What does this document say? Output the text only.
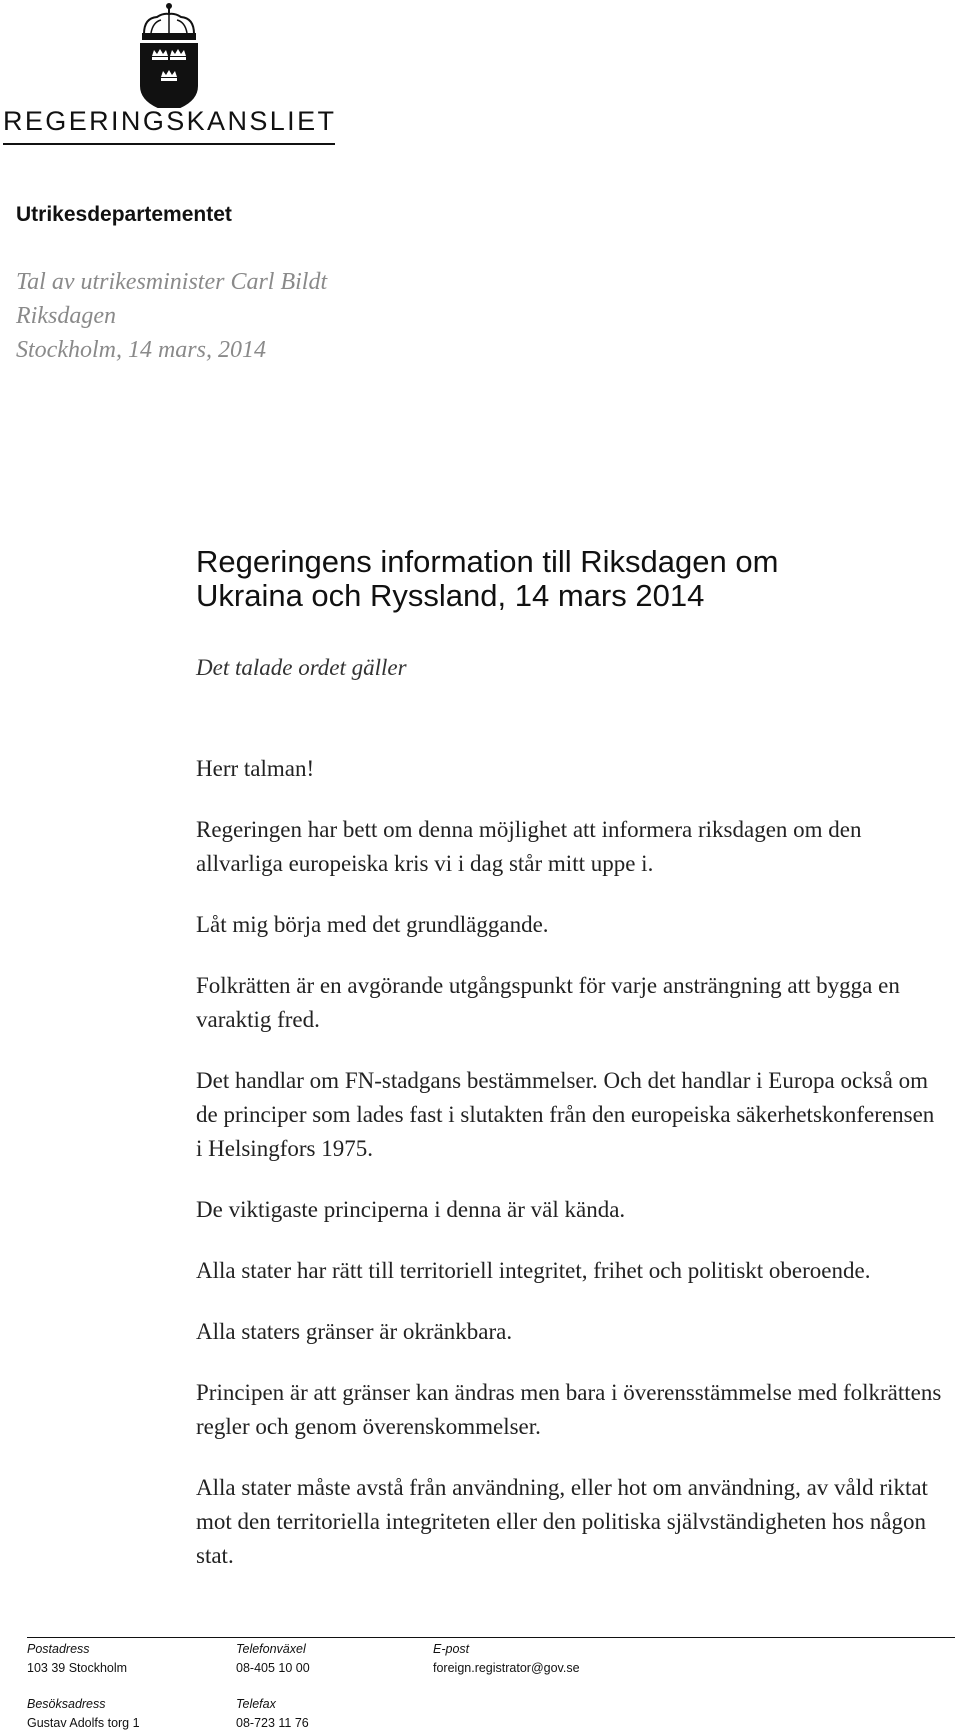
REGERINGSKANSLIET
Utrikesdepartementet
Tal av utrikesminister Carl Bildt
Riksdagen
Stockholm, 14 mars, 2014
Regeringens information till Riksdagen om
Ukraina och Ryssland, 14 mars 2014
Det talade ordet gäller

Herr talman!

Regeringen har bett om denna möjlighet att informera riksdagen om den allvarliga europeiska kris vi i dag står mitt uppe i.

Låt mig börja med det grundläggande.

Folkrätten är en avgörande utgångspunkt för varje ansträngning att bygga en varaktig fred.

Det handlar om FN-stadgans bestämmelser. Och det handlar i Europa också om de principer som lades fast i slutakten från den europeiska säkerhetskonferensen i Helsingfors 1975.

De viktigaste principerna i denna är väl kända.

Alla stater har rätt till territoriell integritet, frihet och politiskt oberoende.

Alla staters gränser är okränkbara.

Principen är att gränser kan ändras men bara i överensstämmelse med folkrättens regler och genom överenskommelser.

Alla stater måste avstå från användning, eller hot om användning, av våld riktat mot den territoriella integriteten eller den politiska självständigheten hos någon stat.

Postadress
103 39 Stockholm
Besöksadress
Gustav Adolfs torg 1
Telefonväxel
08-405 10 00
Telefax
08-723 11 76
E-post
foreign.registrator@gov.se
